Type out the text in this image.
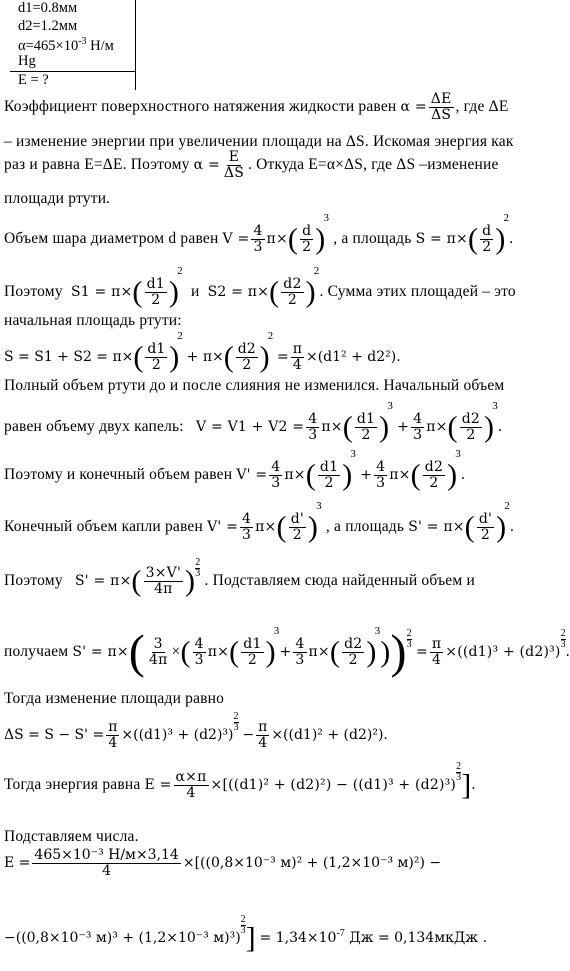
d1=0.8мм
d2=1.2мм
$\alpha=465\times 10^{-3}$ Н/м
Hg
E = ?
Коэффициент поверхностного натяжения жидкости равен $\alpha = \frac{\Delta E}{\Delta S}$ , где ΔE
– изменение энергии при увеличении площади на ΔS. Искомая энергия как
раз и равна E=ΔE. Поэтому $\alpha = \frac{E}{\Delta S}$ . Откуда E=α×ΔS, где ΔS –изменение
площади ртути.
Объем шара диаметром d равен $V = \frac{4}{3} \pi\times( \frac{d}{2} )3$ , а площадь $S = \pi\times( \frac{d}{2} )2$.
Поэтому $S1 = \pi\times( \frac{d1}{2} )2$  и $S2 = \pi\times( \frac{d2}{2} )2$. Сумма этих площадей – это
начальная площадь ртути:
$S = S1 + S2 = \pi\times( \frac{d1}{2} )2 + \pi\times( \frac{d2}{2} )2 = \frac{\pi}{4} \times(d1^2 + d2^2)$.
Полный объем ртути до и после слияния не изменился. Начальный объем
равен объему двух капель: $V = V1 + V2 = \frac{4}{3} \pi\times( \frac{d1}{2} )3 + \frac{4}{3} \pi\times( \frac{d2}{2} )3$.
Поэтому и конечный объем равен $V' = \frac{4}{3} \pi\times( \frac{d1}{2} )3 + \frac{4}{3} \pi\times( \frac{d2}{2} )3$.
Конечный объем капли равен $V' = \frac{4}{3} \pi\times( \frac{d'}{2} )3$ , а площадь $S' = \pi\times( \frac{d'}{2} )2$.
Поэтому $S' = \pi\times( \frac{3\times V'}{4\pi}$ ) $\frac{2}{3}$
. Подставляем сюда найденный объем и
получаем $S' = \pi\times( \frac{3}{4\pi}$ ×( $\frac{4}{3} \pi\times( \frac{d1}{2} )3+ \frac{4}{3} \pi\times( \frac{d2}{2} )3)) \frac{2}{3}$
= $\frac{\pi}{4} \times((d1)^3 + (d2)^3)$
$\frac{2}{3}$
.
Тогда изменение площади равно
$\Delta S = S - S' = \frac{\pi}{4} \times((d1)^3 + (d2)^3)$
$\frac{2}{3}$
− $\frac{\pi}{4} \times((d1)^2 + (d2)^2)$.
Тогда энергия равна $E = \frac{\alpha\times\pi}{4} \times[((d1)^2 + (d2)^2) - ((d1)^3 + (d2)^3)$
$\frac{2}{3}$ ].
Подставляем числа.
E = 465×10⁻³ Н/м×3,14
4	×[((0,8×10⁻³ м)² + (1,2×10⁻³ м)²) −
−((0,8×10⁻³ м)³ + (1,2×10⁻³ м)³)
$\frac{2}{3}$ ] = $1,34\times 10^{-7}$ Дж = 0,134мкДж .
